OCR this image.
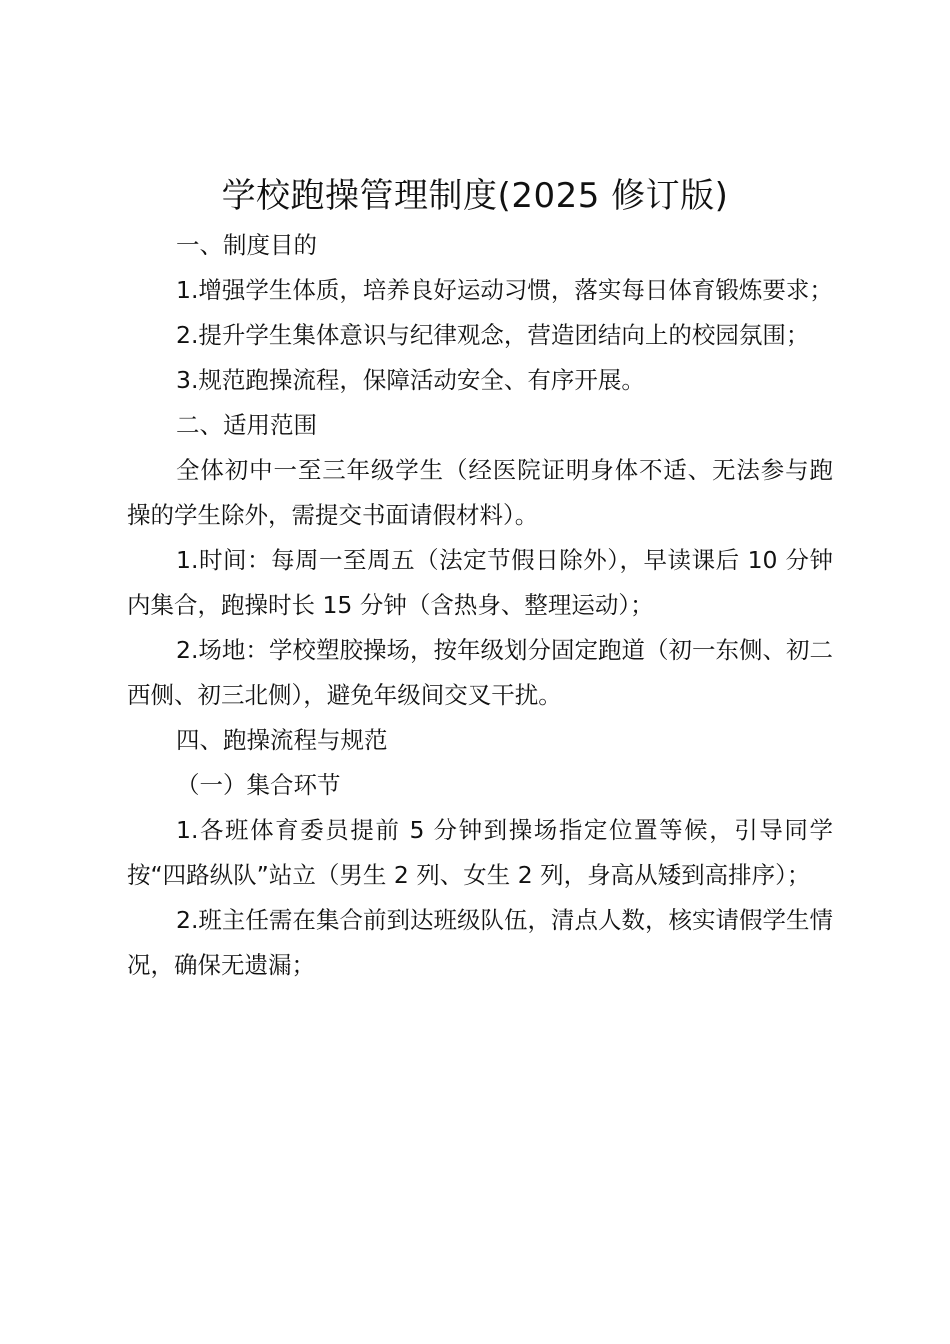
学校跑操管理制度(2025 修订版)

一、制度目的

1.增强学生体质，培养良好运动习惯，落实每日体育锻炼要求；

2.提升学生集体意识与纪律观念，营造团结向上的校园氛围；

3.规范跑操流程，保障活动安全、有序开展。

二、适用范围

全体初中一至三年级学生（经医院证明身体不适、无法参与跑操的学生除外，需提交书面请假材料）。

1.时间：每周一至周五（法定节假日除外），早读课后 10 分钟内集合，跑操时长 15 分钟（含热身、整理运动）；

2.场地：学校塑胶操场，按年级划分固定跑道（初一东侧、初二西侧、初三北侧），避免年级间交叉干扰。

四、跑操流程与规范

（一）集合环节

1.各班体育委员提前 5 分钟到操场指定位置等候，引导同学按“四路纵队”站立（男生 2 列、女生 2 列，身高从矮到高排序）；

2.班主任需在集合前到达班级队伍，清点人数，核实请假学生情况，确保无遗漏；
